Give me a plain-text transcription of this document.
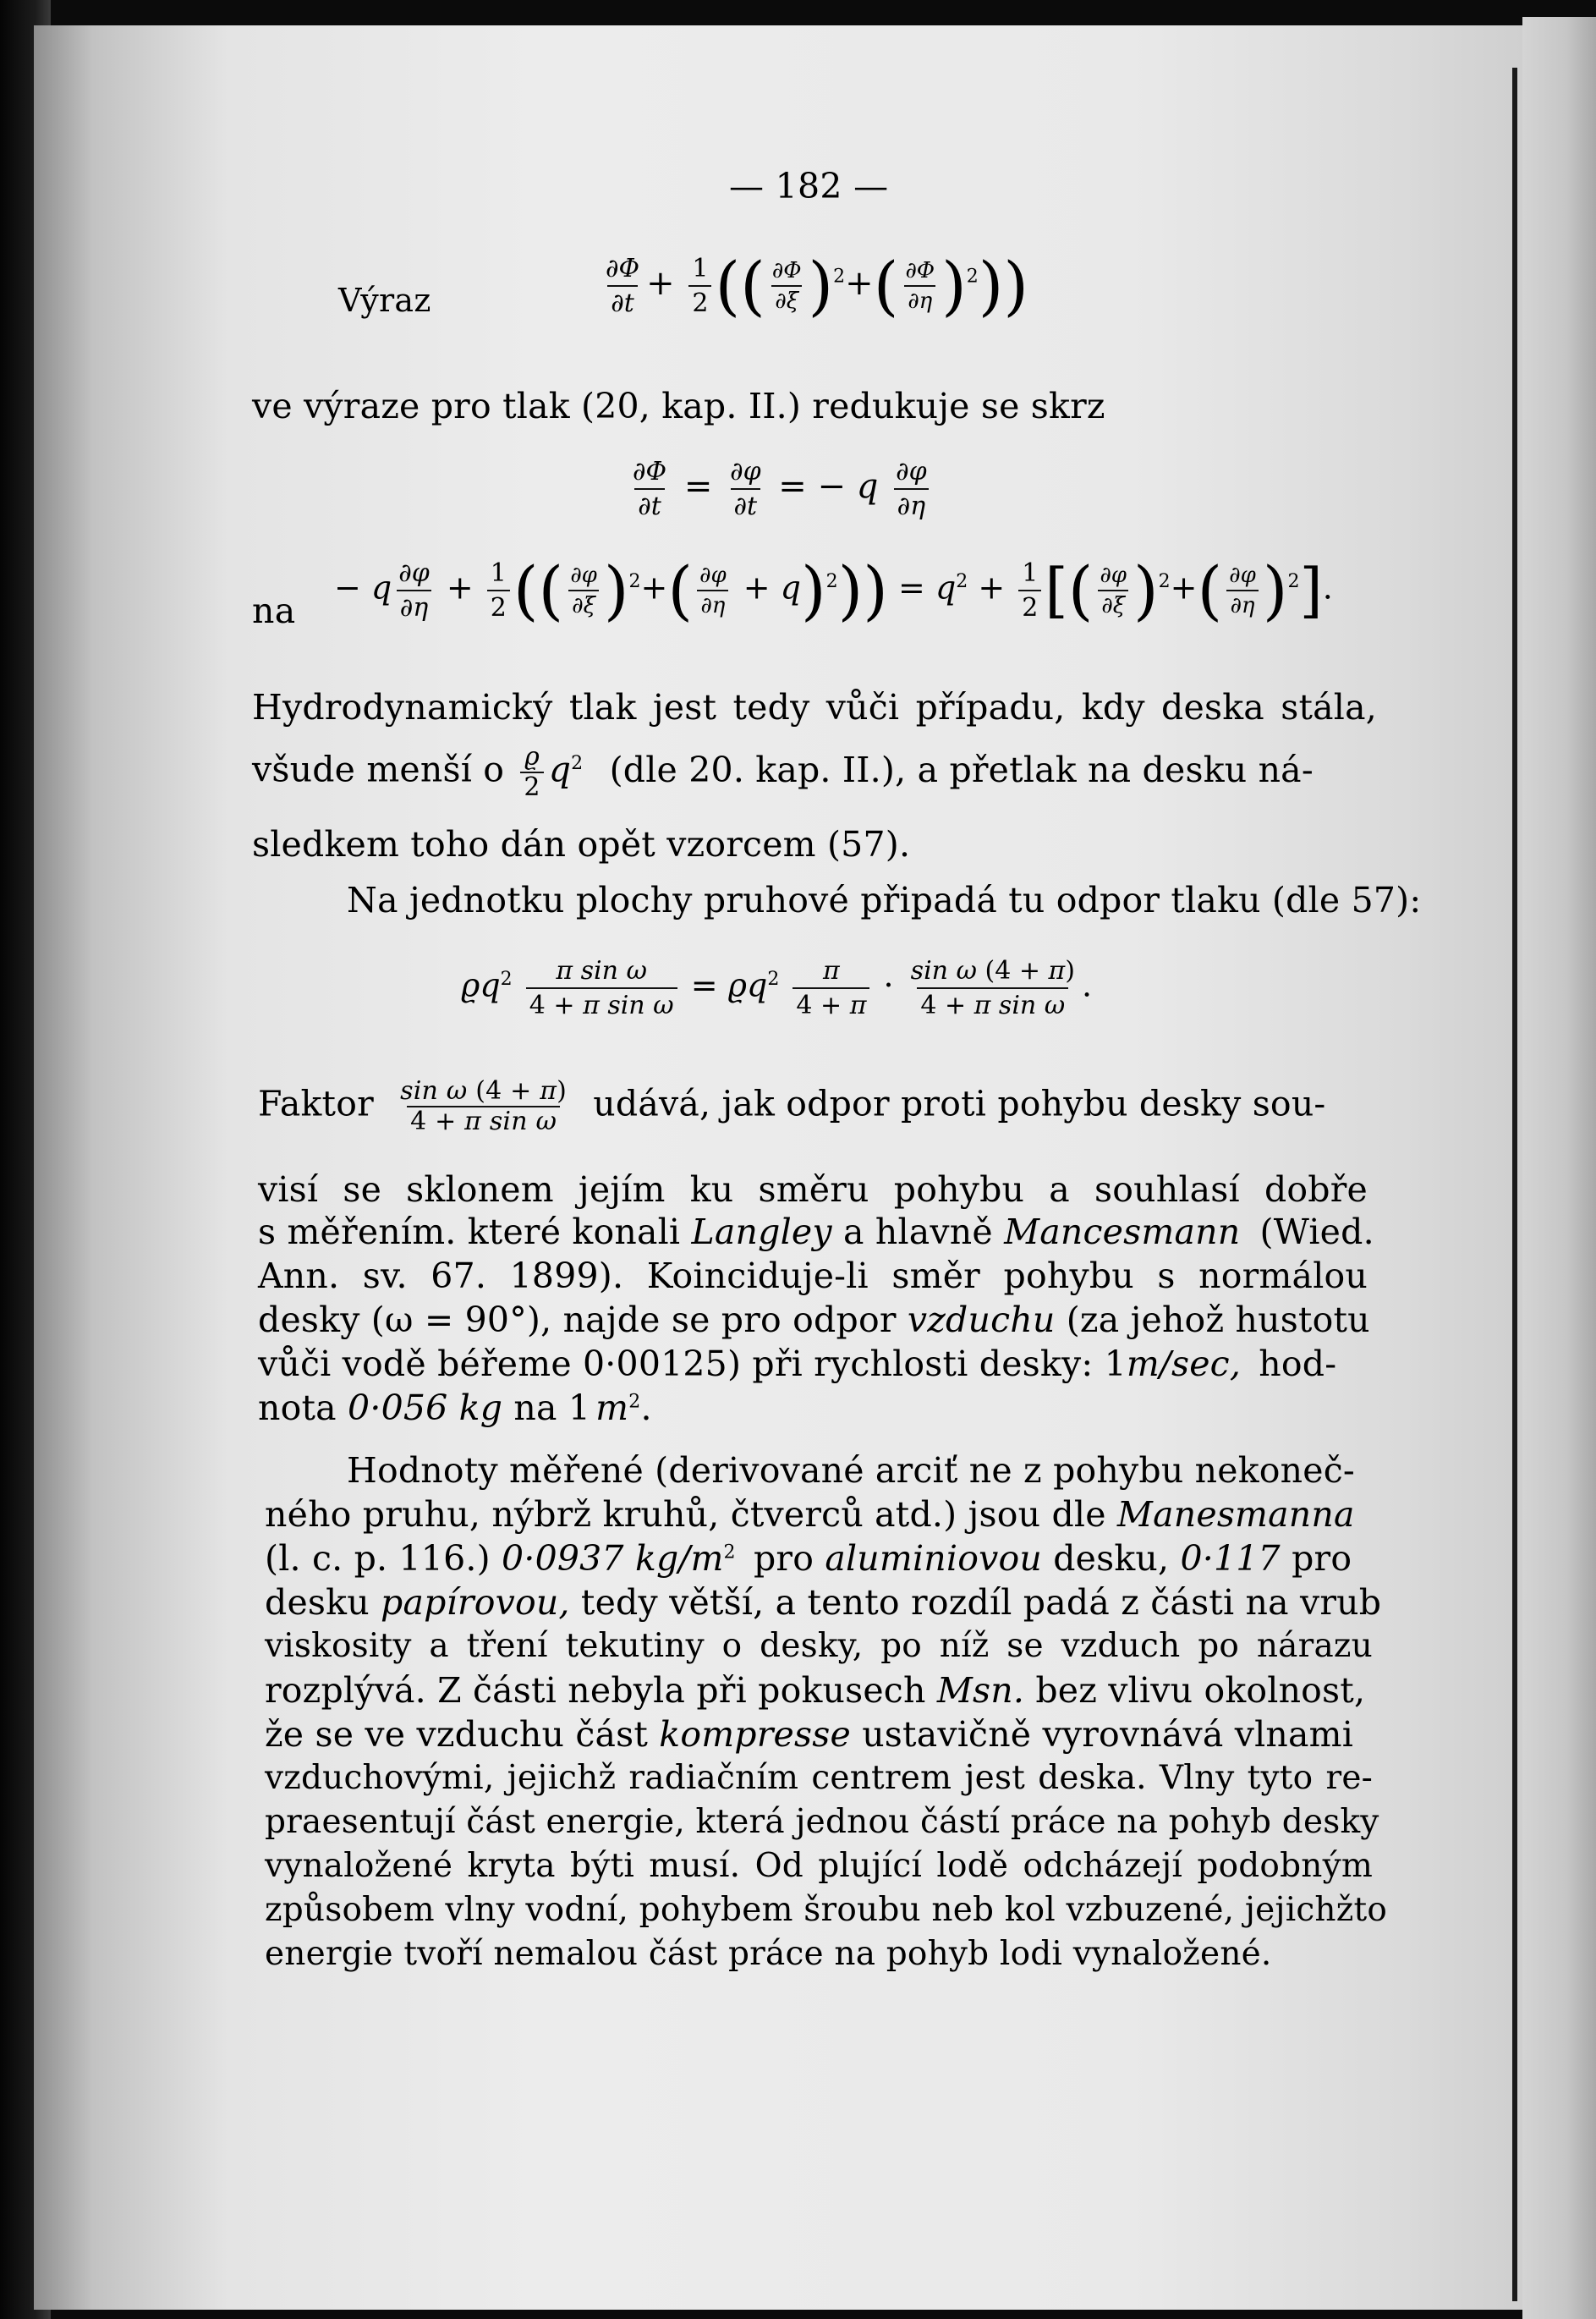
— 182 —
Výraz	$\frac{\partial\Phi}{\partial t} + \frac{1}{2}$ (( $\frac{\partial\Phi}{\partial\xi} )^2+( \frac{\partial\Phi}{\partial\eta} )^2$))
ve výraze pro tlak (20, kap. II.) redukuje se skrz
$\frac{\partial\Phi}{\partial t} = \frac{\partial\varphi}{\partial t}$ = − q $\frac{\partial\varphi}{\partial\eta}$
na
− q $\frac{\partial\varphi}{\partial\eta} + \frac{1}{2}$ (( $\frac{\partial\varphi}{\partial\xi} )^2+( \frac{\partial\varphi}{\partial\eta} + q)^2)) = q^2 + \frac{1}{2}$ [( $\frac{\partial\varphi}{\partial\xi} )^2+( \frac{\partial\varphi}{\partial\eta} )^2$].
Hydrodynamický tlak jest tedy vůči případu, kdy deska stála,
všude menší o $\frac{ϱ}{2} q^2$ (dle 20. kap. II.), a přetlak na desku ná-
sledkem toho dán opět vzorcem (57).
Na jednotku plochy pruhové připadá tu odpor tlaku (dle 57):
$ϱq^2 \frac{\text{π sin ω}}{\text{4 + π sin ω}} = ϱq^2 \frac{\pi}{4 + \pi} \cdot \frac{\text{sin ω (4 + π)}}{\text{4 + π sin ω}}$ .
Faktor $\frac{\text{sin ω (4 + π)}}{\text{4 + π sin ω}}$ udává, jak odpor proti pohybu desky sou-
visí se sklonem jejím ku směru pohybu a souhlasí dobře
s měřením. které konali Langley a hlavně Mancesmann (Wied.
Ann. sv. 67. 1899). Koinciduje-li směr pohybu s normálou
desky (ω = 90°), najde se pro odpor vzduchu (za jehož hustotu
vůči vodě béřeme 0·00125) při rychlosti desky: 1m/sec, hod-
nota 0·056 kg na 1 $m^2$.
Hodnoty měřené (derivované arciť ne z pohybu nekoneč-
ného pruhu, nýbrž kruhů, čtverců atd.) jsou dle Manesmanna
(l. c. p. 116.) 0·0937 $kg/m^2$ pro aluminiovou desku, 0·117 pro
desku papírovou, tedy větší, a tento rozdíl padá z části na vrub
viskosity a tření tekutiny o desky, po níž se vzduch po nárazu
rozplývá. Z části nebyla při pokusech Msn. bez vlivu okolnost,
že se ve vzduchu část kompresse ustavičně vyrovnává vlnami
vzduchovými, jejichž radiačním centrem jest deska. Vlny tyto re-
praesentují část energie, která jednou částí práce na pohyb desky
vynaložené kryta býti musí. Od plující lodě odcházejí podobným
způsobem vlny vodní, pohybem šroubu neb kol vzbuzené, jejichžto
energie tvoří nemalou část práce na pohyb lodi vynaložené.
